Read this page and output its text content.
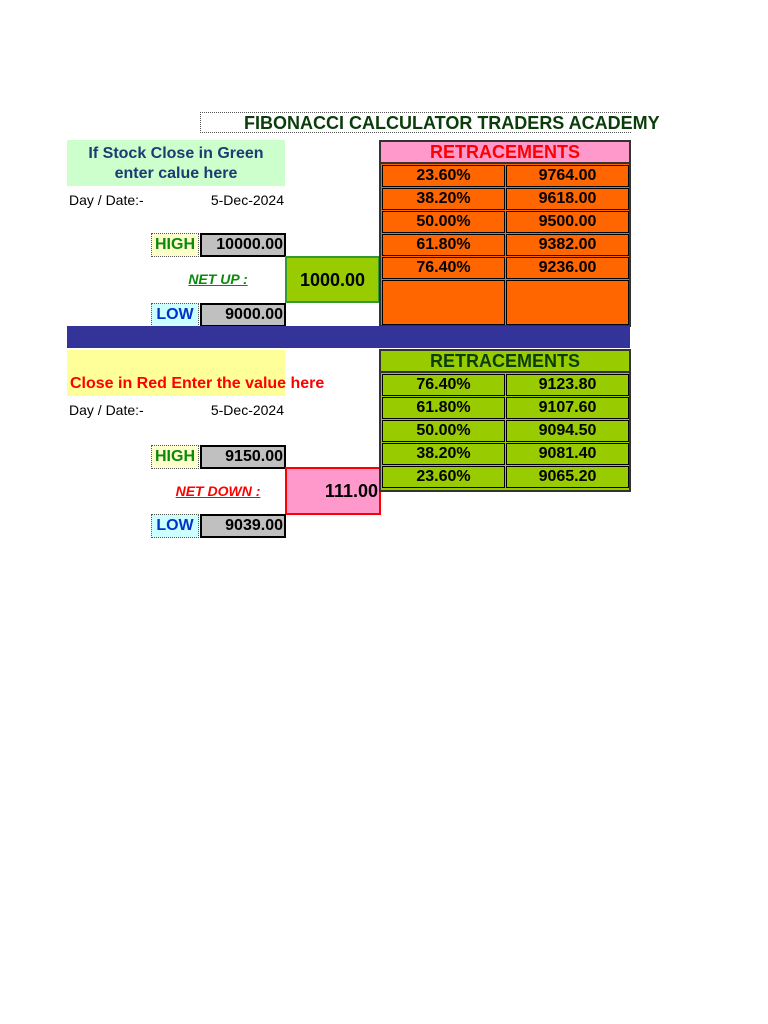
FIBONACCI CALCULATOR TRADERS ACADEMY
If Stock Close in Green enter calue here
Day / Date:-	5-Dec-2024
HIGH	10000.00
NET UP :	1000.00
LOW	9000.00
RETRACEMENTS
23.60%	9764.00
38.20%	9618.00
50.00%	9500.00
61.80%	9382.00
76.40%	9236.00
Close in Red Enter the value here
Day / Date:-	5-Dec-2024
HIGH	9150.00
NET DOWN :	111.00
LOW	9039.00
RETRACEMENTS
76.40%	9123.80
61.80%	9107.60
50.00%	9094.50
38.20%	9081.40
23.60%	9065.20
